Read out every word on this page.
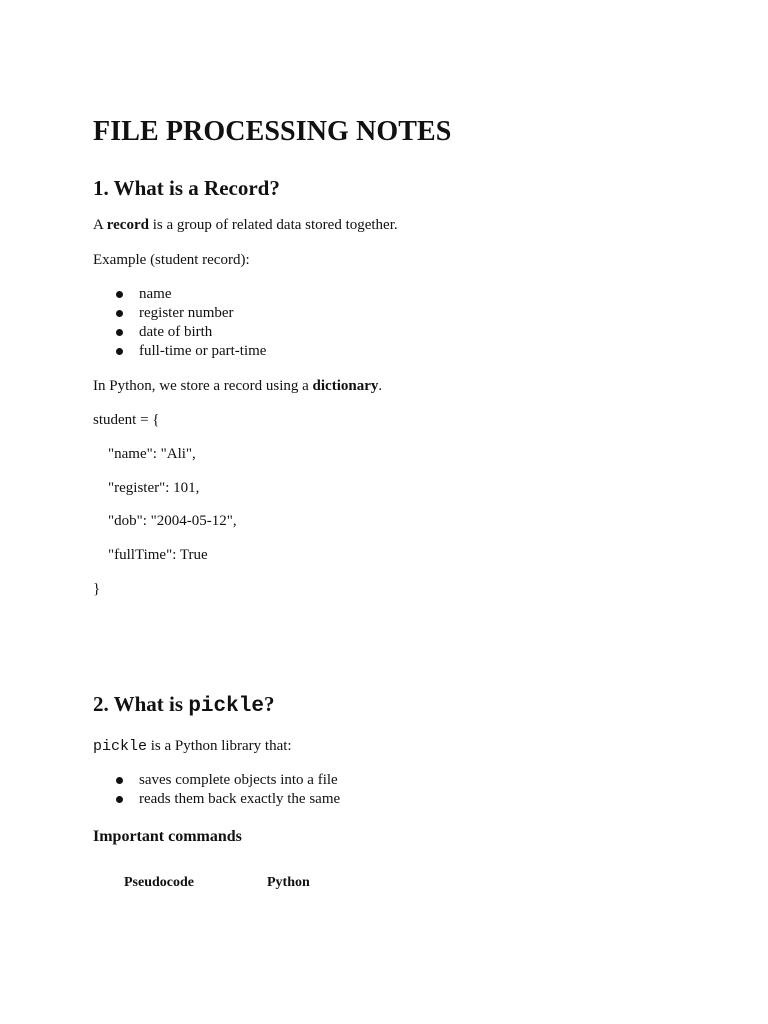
FILE PROCESSING NOTES
1. What is a Record?

A record is a group of related data stored together.

Example (student record):

name
register number
date of birth
full-time or part-time

In Python, we store a record using a dictionary.

student = {

"name": "Ali",

"register": 101,

"dob": "2004-05-12",

"fullTime": True

}

2. What is pickle?

pickle is a Python library that:

saves complete objects into a file
reads them back exactly the same
Important commands
Pseudocode	Python
